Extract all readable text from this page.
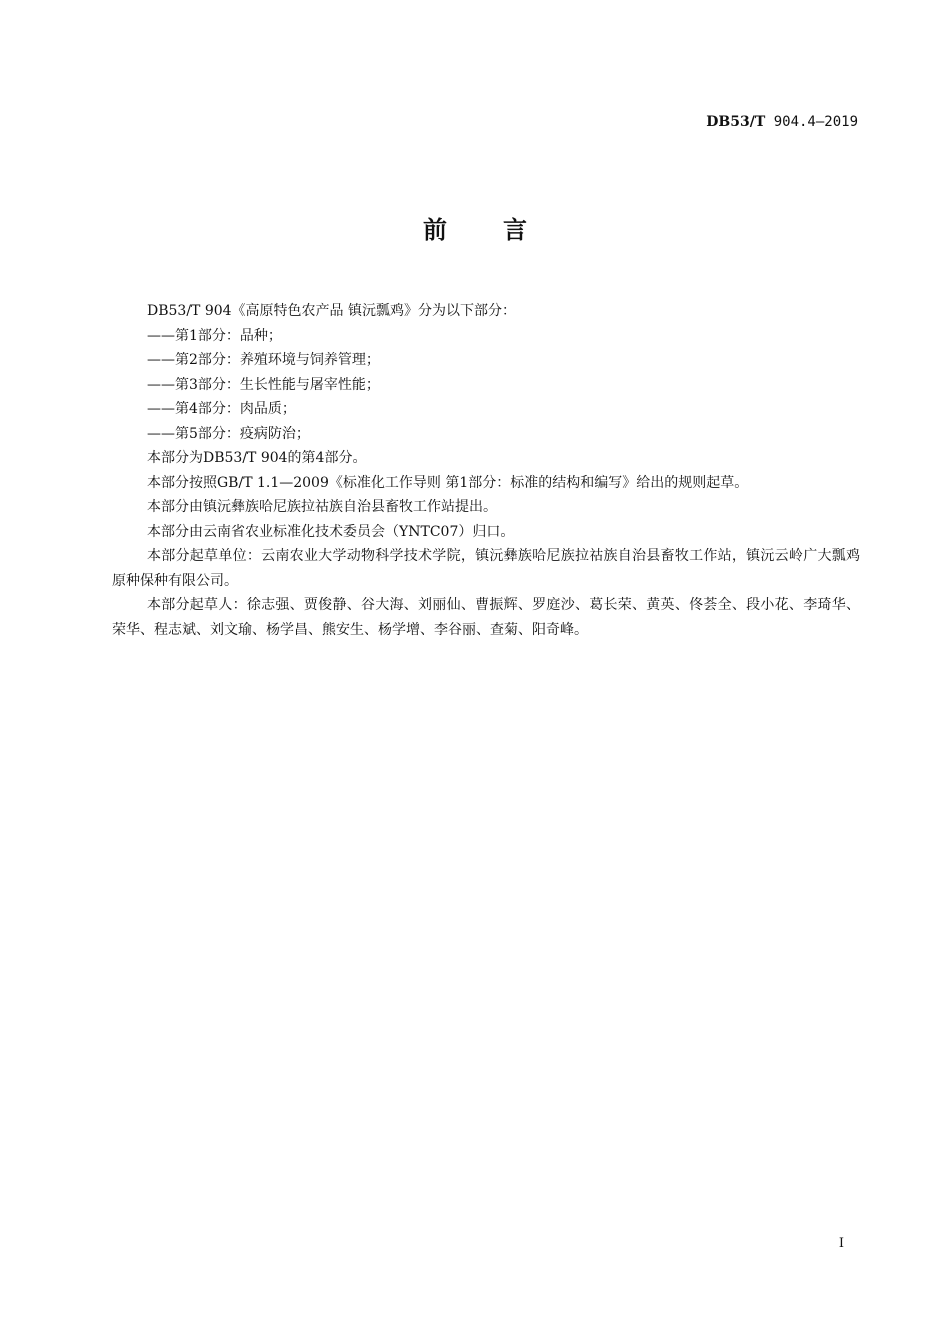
DB53/T 904.4—2019
前言

DB53/T 904《高原特色农产品 镇沅瓢鸡》分为以下部分：

——第1部分：品种；

——第2部分：养殖环境与饲养管理；

——第3部分：生长性能与屠宰性能；

——第4部分：肉品质；

——第5部分：疫病防治；

本部分为DB53/T 904的第4部分。

本部分按照GB/T 1.1—2009《标准化工作导则 第1部分：标准的结构和编写》给出的规则起草。

本部分由镇沅彝族哈尼族拉祜族自治县畜牧工作站提出。

本部分由云南省农业标准化技术委员会（YNTC07）归口。

本部分起草单位：云南农业大学动物科学技术学院，镇沅彝族哈尼族拉祜族自治县畜牧工作站，镇沅云岭广大瓢鸡原种保种有限公司。

本部分起草人：徐志强、贾俊静、谷大海、刘丽仙、曹振辉、罗庭沙、葛长荣、黄英、佟荟全、段小花、李琦华、荣华、程志斌、刘文瑜、杨学昌、熊安生、杨学增、李谷丽、查菊、阳奇峰。

I
